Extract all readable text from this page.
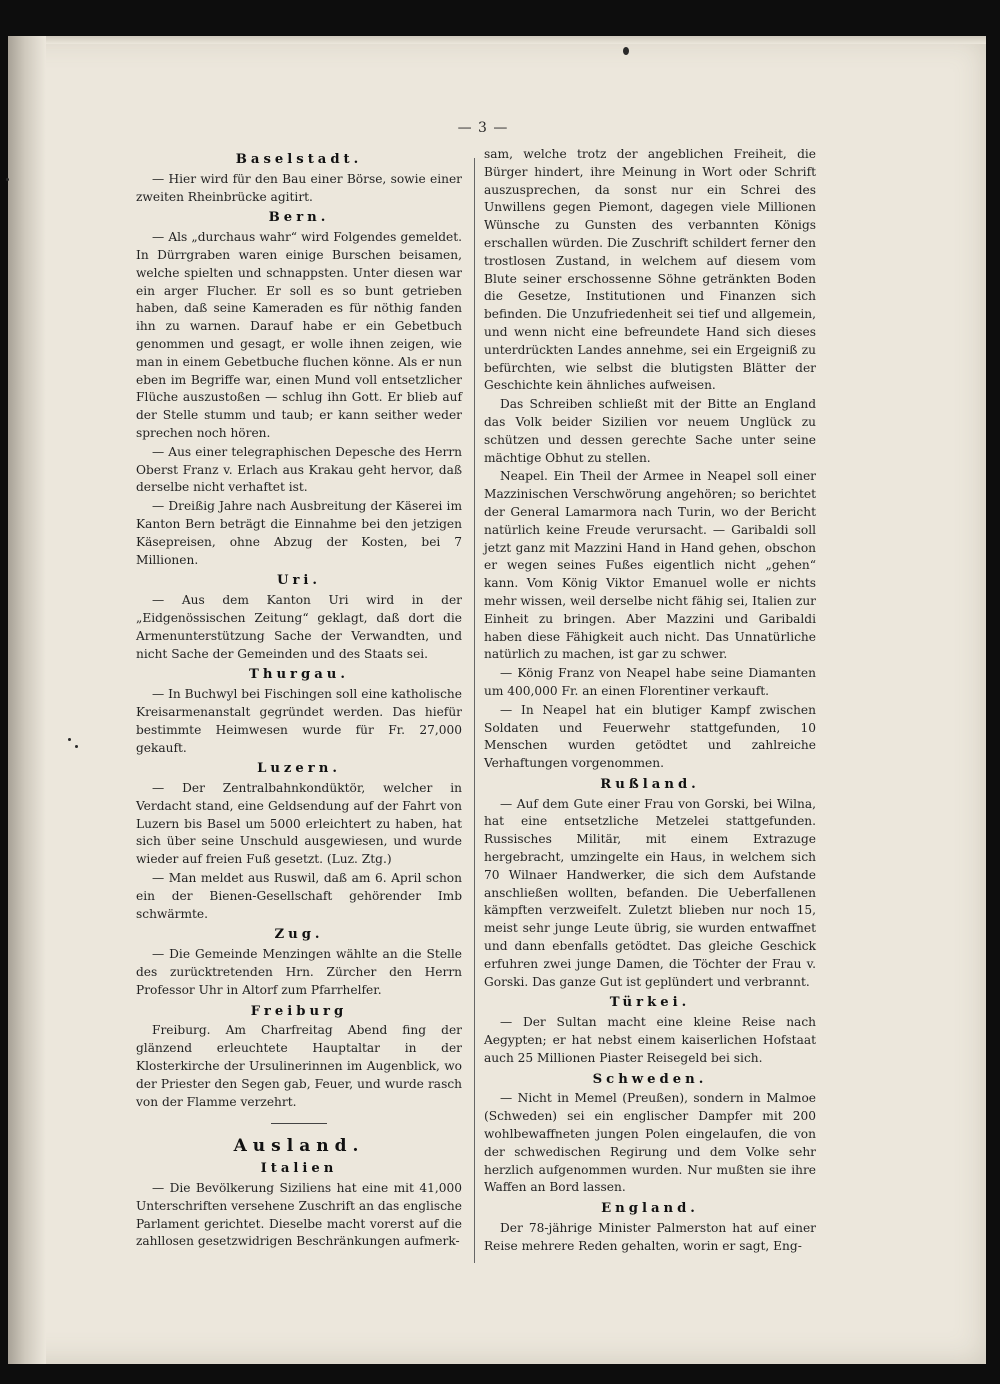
— 3 —
Baselstadt.

— Hier wird für den Bau einer Börse, sowie einer zweiten Rheinbrücke agitirt.

Bern.

— Als „durchaus wahr“ wird Folgendes gemeldet. In Dürrgraben waren einige Burschen beisamen, welche spielten und schnappsten. Unter diesen war ein arger Flucher. Er soll es so bunt getrieben haben, daß seine Kameraden es für nöthig fanden ihn zu warnen. Darauf habe er ein Gebetbuch genommen und gesagt, er wolle ihnen zeigen, wie man in einem Gebetbuche fluchen könne. Als er nun eben im Begriffe war, einen Mund voll entsetzlicher Flüche auszustoßen — schlug ihn Gott. Er blieb auf der Stelle stumm und taub; er kann seither weder sprechen noch hören.

— Aus einer telegraphischen Depesche des Herrn Oberst Franz v. Erlach aus Krakau geht hervor, daß derselbe nicht verhaftet ist.

— Dreißig Jahre nach Ausbreitung der Käserei im Kanton Bern beträgt die Einnahme bei den jetzigen Käsepreisen, ohne Abzug der Kosten, bei 7 Millionen.

Uri.

— Aus dem Kanton Uri wird in der „Eidgenössischen Zeitung“ geklagt, daß dort die Armenunterstützung Sache der Verwandten, und nicht Sache der Gemeinden und des Staats sei.

Thurgau.

— In Buchwyl bei Fischingen soll eine katholische Kreisarmenanstalt gegründet werden. Das hiefür bestimmte Heimwesen wurde für Fr. 27,000 gekauft.

Luzern.

— Der Zentralbahnkondüktör, welcher in Verdacht stand, eine Geldsendung auf der Fahrt von Luzern bis Basel um 5000 erleichtert zu haben, hat sich über seine Unschuld ausgewiesen, und wurde wieder auf freien Fuß gesetzt. (Luz. Ztg.)

— Man meldet aus Ruswil, daß am 6. April schon ein der Bienen-Gesellschaft gehörender Imb schwärmte.

Zug.

— Die Gemeinde Menzingen wählte an die Stelle des zurücktretenden Hrn. Zürcher den Herrn Professor Uhr in Altorf zum Pfarrhelfer.

Freiburg

Freiburg. Am Charfreitag Abend fing der glänzend erleuchtete Hauptaltar in der Klosterkirche der Ursulinerinnen im Augenblick, wo der Priester den Segen gab, Feuer, und wurde rasch von der Flamme verzehrt.

Ausland.
Italien

— Die Bevölkerung Siziliens hat eine mit 41,000 Unterschriften versehene Zuschrift an das englische Parlament gerichtet. Dieselbe macht vorerst auf die zahllosen gesetzwidrigen Beschränkungen aufmerk-

sam, welche trotz der angeblichen Freiheit, die Bürger hindert, ihre Meinung in Wort oder Schrift auszusprechen, da sonst nur ein Schrei des Unwillens gegen Piemont, dagegen viele Millionen Wünsche zu Gunsten des verbannten Königs erschallen würden. Die Zuschrift schildert ferner den trostlosen Zustand, in welchem auf diesem vom Blute seiner erschossenne Söhne getränkten Boden die Gesetze, Institutionen und Finanzen sich befinden. Die Unzufriedenheit sei tief und allgemein, und wenn nicht eine befreundete Hand sich dieses unterdrückten Landes annehme, sei ein Ergeigniß zu befürchten, wie selbst die blutigsten Blätter der Geschichte kein ähnliches aufweisen.

Das Schreiben schließt mit der Bitte an England das Volk beider Sizilien vor neuem Unglück zu schützen und dessen gerechte Sache unter seine mächtige Obhut zu stellen.

Neapel. Ein Theil der Armee in Neapel soll einer Mazzinischen Verschwörung angehören; so berichtet der General Lamarmora nach Turin, wo der Bericht natürlich keine Freude verursacht. — Garibaldi soll jetzt ganz mit Mazzini Hand in Hand gehen, obschon er wegen seines Fußes eigentlich nicht „gehen“ kann. Vom König Viktor Emanuel wolle er nichts mehr wissen, weil derselbe nicht fähig sei, Italien zur Einheit zu bringen. Aber Mazzini und Garibaldi haben diese Fähigkeit auch nicht. Das Unnatürliche natürlich zu machen, ist gar zu schwer.

— König Franz von Neapel habe seine Diamanten um 400,000 Fr. an einen Florentiner verkauft.

— In Neapel hat ein blutiger Kampf zwischen Soldaten und Feuerwehr stattgefunden, 10 Menschen wurden getödtet und zahlreiche Verhaftungen vorgenommen.

Rußland.

— Auf dem Gute einer Frau von Gorski, bei Wilna, hat eine entsetzliche Metzelei stattgefunden. Russisches Militär, mit einem Extrazuge hergebracht, umzingelte ein Haus, in welchem sich 70 Wilnaer Handwerker, die sich dem Aufstande anschließen wollten, befanden. Die Ueberfallenen kämpften verzweifelt. Zuletzt blieben nur noch 15, meist sehr junge Leute übrig, sie wurden entwaffnet und dann ebenfalls getödtet. Das gleiche Geschick erfuhren zwei junge Damen, die Töchter der Frau v. Gorski. Das ganze Gut ist geplündert und verbrannt.

Türkei.

— Der Sultan macht eine kleine Reise nach Aegypten; er hat nebst einem kaiserlichen Hofstaat auch 25 Millionen Piaster Reisegeld bei sich.

Schweden.

— Nicht in Memel (Preußen), sondern in Malmoe (Schweden) sei ein englischer Dampfer mit 200 wohlbewaffneten jungen Polen eingelaufen, die von der schwedischen Regirung und dem Volke sehr herzlich aufgenommen wurden. Nur mußten sie ihre Waffen an Bord lassen.

England.

Der 78-jährige Minister Palmerston hat auf einer Reise mehrere Reden gehalten, worin er sagt, Eng-
